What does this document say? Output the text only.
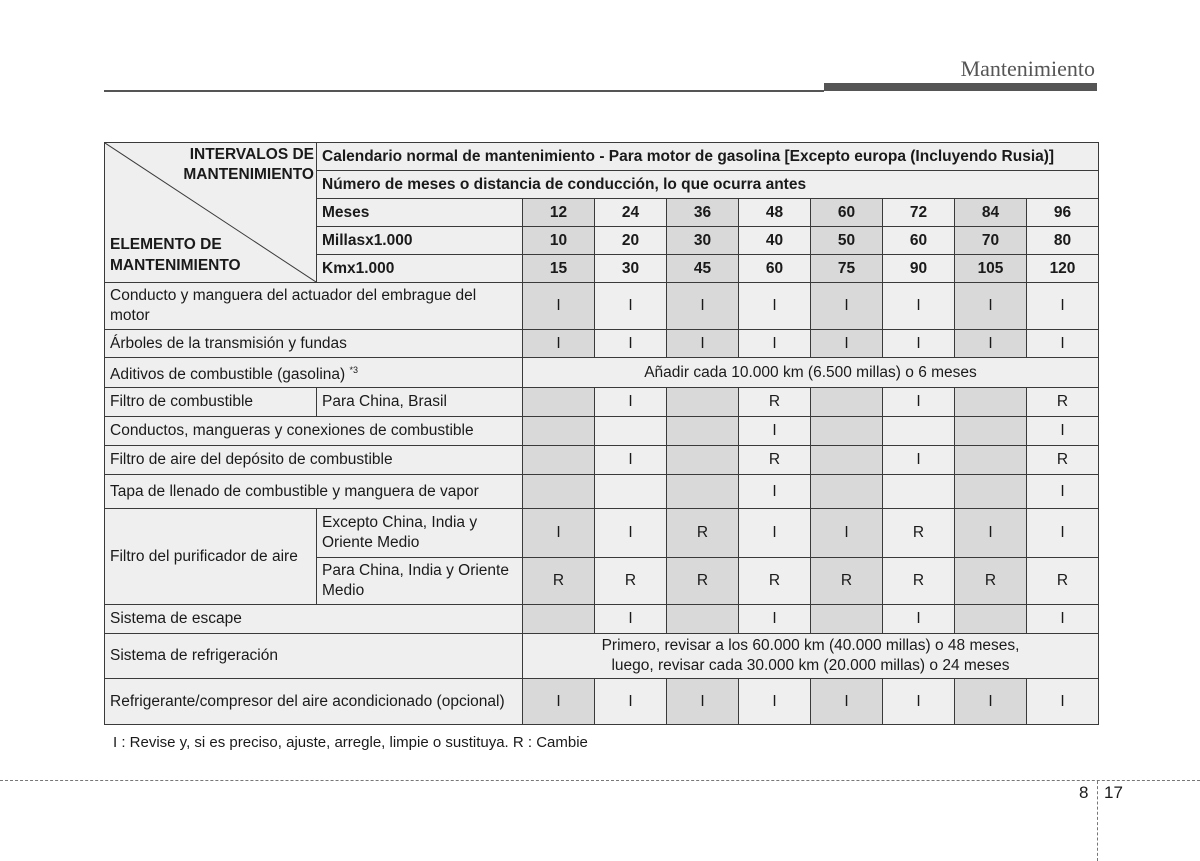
Mantenimiento
INTERVALOS DE MANTENIMIENTO
ELEMENTO DE MANTENIMIENTO	Calendario normal de mantenimiento - Para motor de gasolina [Excepto europa (Incluyendo Rusia)]								
	Número de meses o distancia de conducción, lo que ocurra antes								
	Meses	12	24	36	48	60	72	84	96
	Millasx1.000	10	20	30	40	50	60	70	80
	Kmx1.000	15	30	45	60	75	90	105	120
Conducto y manguera del actuador del embrague del motor		I	I	I	I	I	I	I	I
Árboles de la transmisión y fundas		I	I	I	I	I	I	I	I
Aditivos de combustible (gasolina) $^{*3}$		Añadir cada 10.000 km (6.500 millas) o 6 meses							
Filtro de combustible	Para China, Brasil		I		R		I		R
Conductos, mangueras y conexiones de combustible					I				I
Filtro de aire del depósito de combustible			I		R		I		R
Tapa de llenado de combustible y manguera de vapor					I				I
Filtro del purificador de aire	Excepto China, India y Oriente Medio	I	I	R	I	I	R	I	I
	Para China, India y Oriente Medio	R	R	R	R	R	R	R	R
Sistema de escape			I		I		I		I
Sistema de refrigeración		Primero, revisar a los 60.000 km (40.000 millas) o 48 meses,
luego, revisar cada 30.000 km (20.000 millas) o 24 meses							

Refrigerante/compresor del aire acondicionado (opcional)		I	I	I	I	I	I	I	I
I : Revise y, si es preciso, ajuste, arregle, limpie o sustituya. R : Cambie
8 17
